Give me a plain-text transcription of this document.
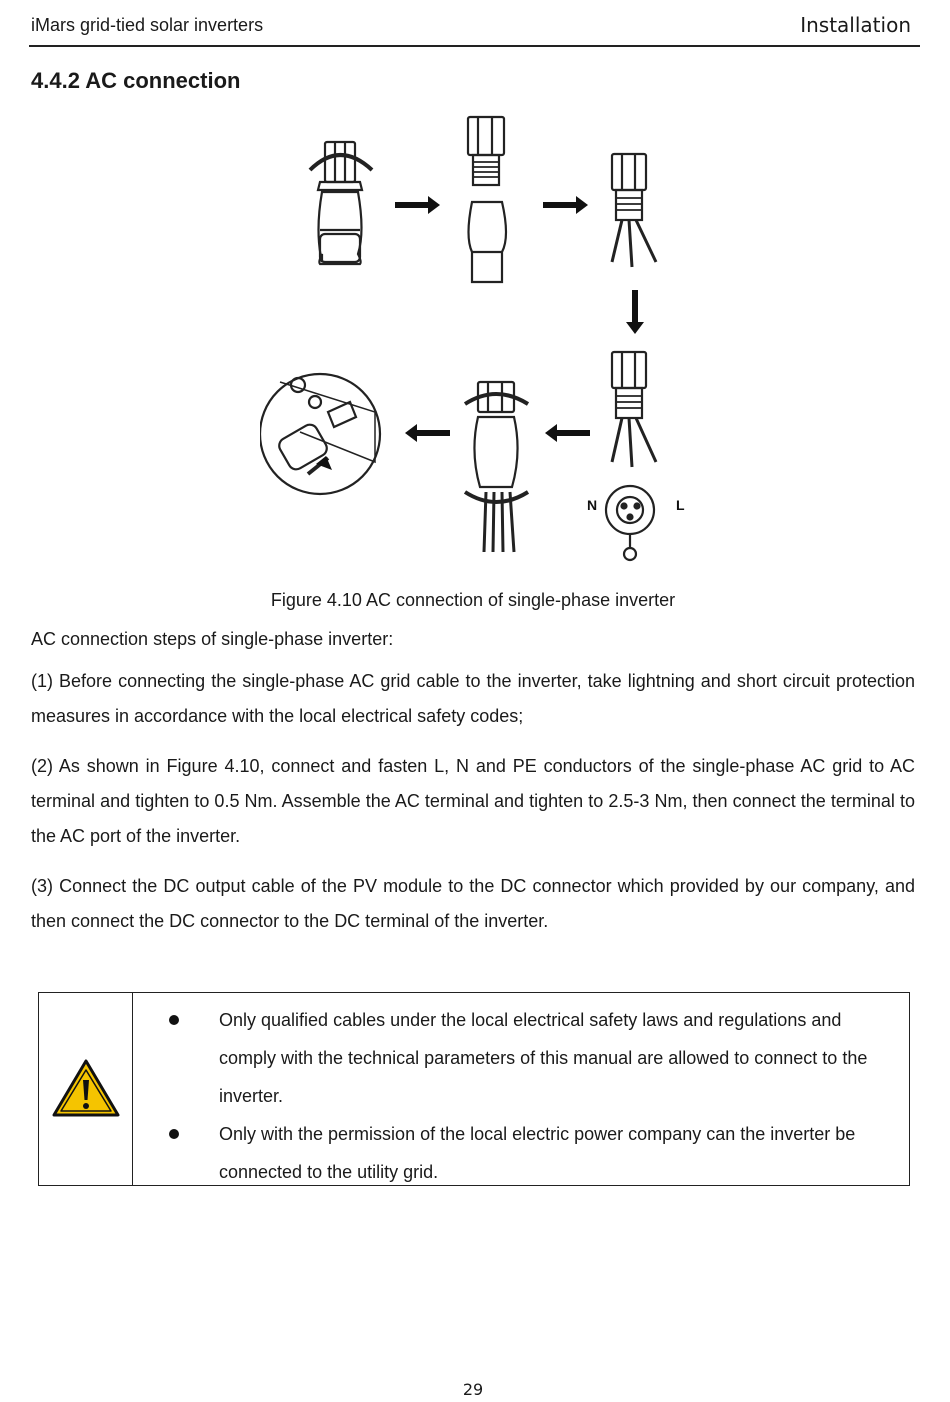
iMars grid-tied solar inverters	Installation
4.4.2 AC connection
N	L
Figure 4.10 AC connection of single-phase inverter
AC connection steps of single-phase inverter:
(1) Before connecting the single-phase AC grid cable to the inverter, take lightning and short circuit protection measures in accordance with the local electrical safety codes;
(2) As shown in Figure 4.10, connect and fasten L, N and PE conductors of the single-phase AC grid to AC terminal and tighten to 0.5 Nm. Assemble the AC terminal and tighten to 2.5-3 Nm, then connect the terminal to the AC port of the inverter.
(3) Connect the DC output cable of the PV module to the DC connector which provided by our company, and then connect the DC connector to the DC terminal of the inverter.
Only qualified cables under the local electrical safety laws and regulations and comply with the technical parameters of this manual are allowed to connect to the inverter.
Only with the permission of the local electric power company can the inverter be connected to the utility grid.
29
